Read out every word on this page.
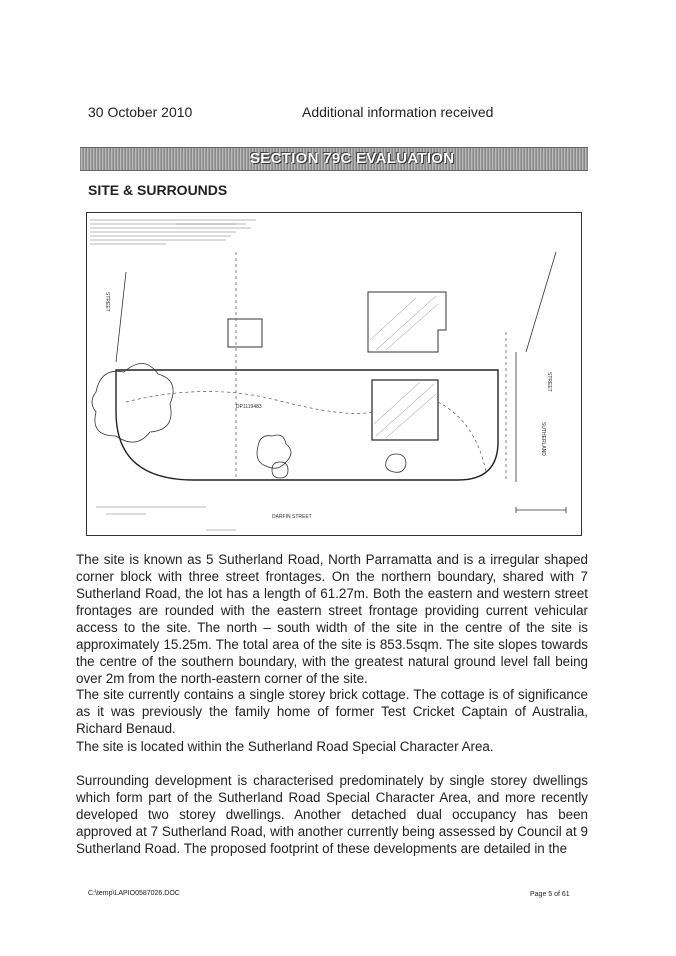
30 October 2010	Additional information received
SECTION 79C EVALUATION
SITE & SURROUNDS
DP1119483
DARFIN STREET
STREET
SUTHERLAND
STREET

The site is known as 5 Sutherland Road, North Parramatta and is a irregular shaped corner block with three street frontages. On the northern boundary, shared with 7 Sutherland Road, the lot has a length of 61.27m. Both the eastern and western street frontages are rounded with the eastern street frontage providing current vehicular access to the site. The north – south width of the site in the centre of the site is approximately 15.25m. The total area of the site is 853.5sqm. The site slopes towards the centre of the southern boundary, with the greatest natural ground level fall being over 2m from the north-eastern corner of the site.

The site currently contains a single storey brick cottage. The cottage is of significance as it was previously the family home of former Test Cricket Captain of Australia, Richard Benaud.

The site is located within the Sutherland Road Special Character Area.

Surrounding development is characterised predominately by single storey dwellings which form part of the Sutherland Road Special Character Area, and more recently developed two storey dwellings. Another detached dual occupancy has been approved at 7 Sutherland Road, with another currently being assessed by Council at 9 Sutherland Road. The proposed footprint of these developments are detailed in the

C:\temp\LAPIO0587026.DOC	Page 5 of 61
